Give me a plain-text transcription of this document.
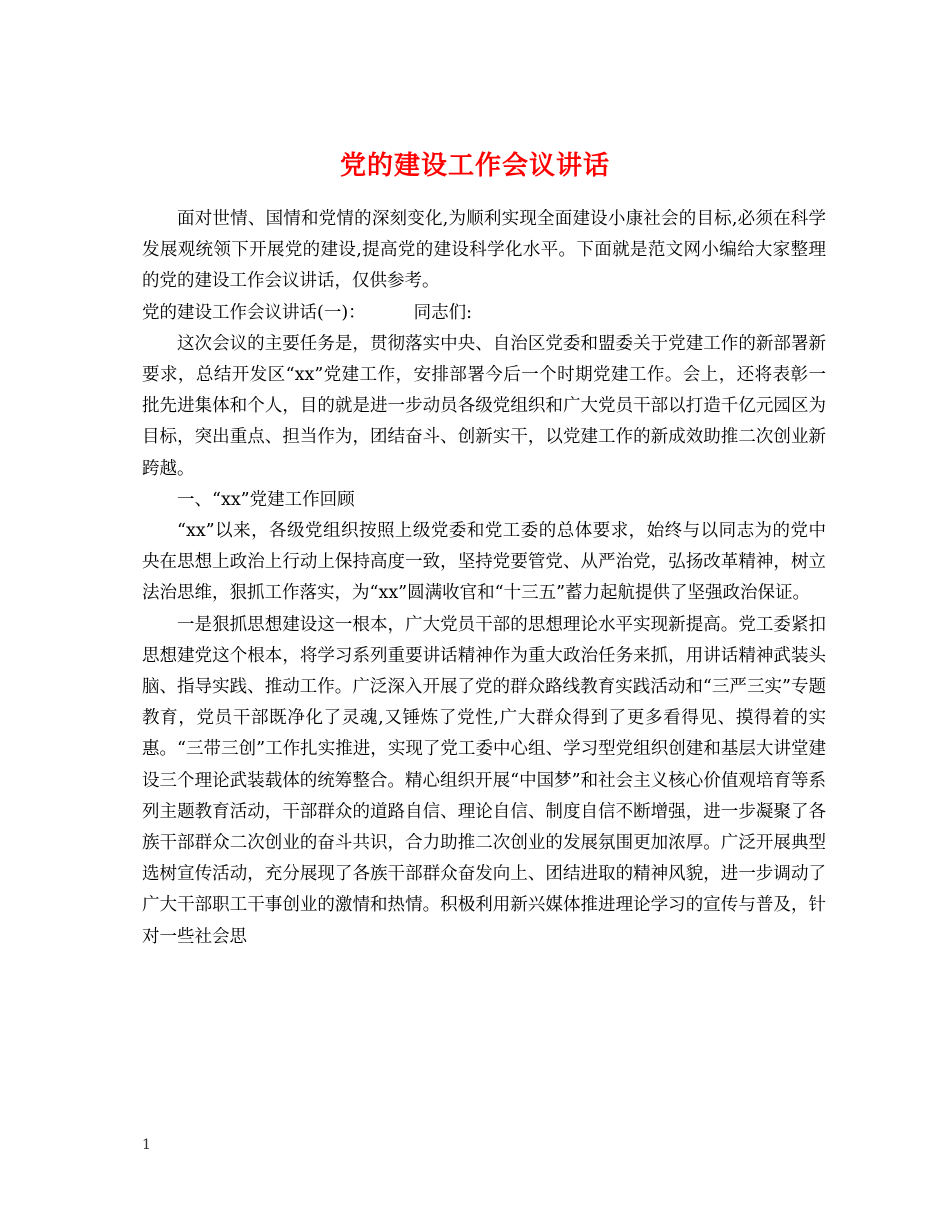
党的建设工作会议讲话

面对世情、国情和党情的深刻变化,为顺利实现全面建设小康社会的目标,必须在科学发展观统领下开展党的建设,提高党的建设科学化水平。下面就是范文网小编给大家整理的党的建设工作会议讲话，仅供参考。

党的建设工作会议讲话(一)：	同志们:

这次会议的主要任务是，贯彻落实中央、自治区党委和盟委关于党建工作的新部署新要求，总结开发区“xx”党建工作，安排部署今后一个时期党建工作。会上，还将表彰一批先进集体和个人，目的就是进一步动员各级党组织和广大党员干部以打造千亿元园区为目标，突出重点、担当作为，团结奋斗、创新实干，以党建工作的新成效助推二次创业新跨越。

一、“xx”党建工作回顾

“xx”以来，各级党组织按照上级党委和党工委的总体要求，始终与以同志为的党中央在思想上政治上行动上保持高度一致，坚持党要管党、从严治党，弘扬改革精神，树立法治思维，狠抓工作落实，为“xx”圆满收官和“十三五”蓄力起航提供了坚强政治保证。

一是狠抓思想建设这一根本，广大党员干部的思想理论水平实现新提高。党工委紧扣思想建党这个根本，将学习系列重要讲话精神作为重大政治任务来抓，用讲话精神武装头脑、指导实践、推动工作。广泛深入开展了党的群众路线教育实践活动和“三严三实”专题教育，党员干部既净化了灵魂,又锤炼了党性,广大群众得到了更多看得见、摸得着的实惠。“三带三创”工作扎实推进，实现了党工委中心组、学习型党组织创建和基层大讲堂建设三个理论武装载体的统筹整合。精心组织开展“中国梦”和社会主义核心价值观培育等系列主题教育活动，干部群众的道路自信、理论自信、制度自信不断增强，进一步凝聚了各族干部群众二次创业的奋斗共识，合力助推二次创业的发展氛围更加浓厚。广泛开展典型选树宣传活动，充分展现了各族干部群众奋发向上、团结进取的精神风貌，进一步调动了广大干部职工干事创业的激情和热情。积极利用新兴媒体推进理论学习的宣传与普及，针对一些社会思

1
